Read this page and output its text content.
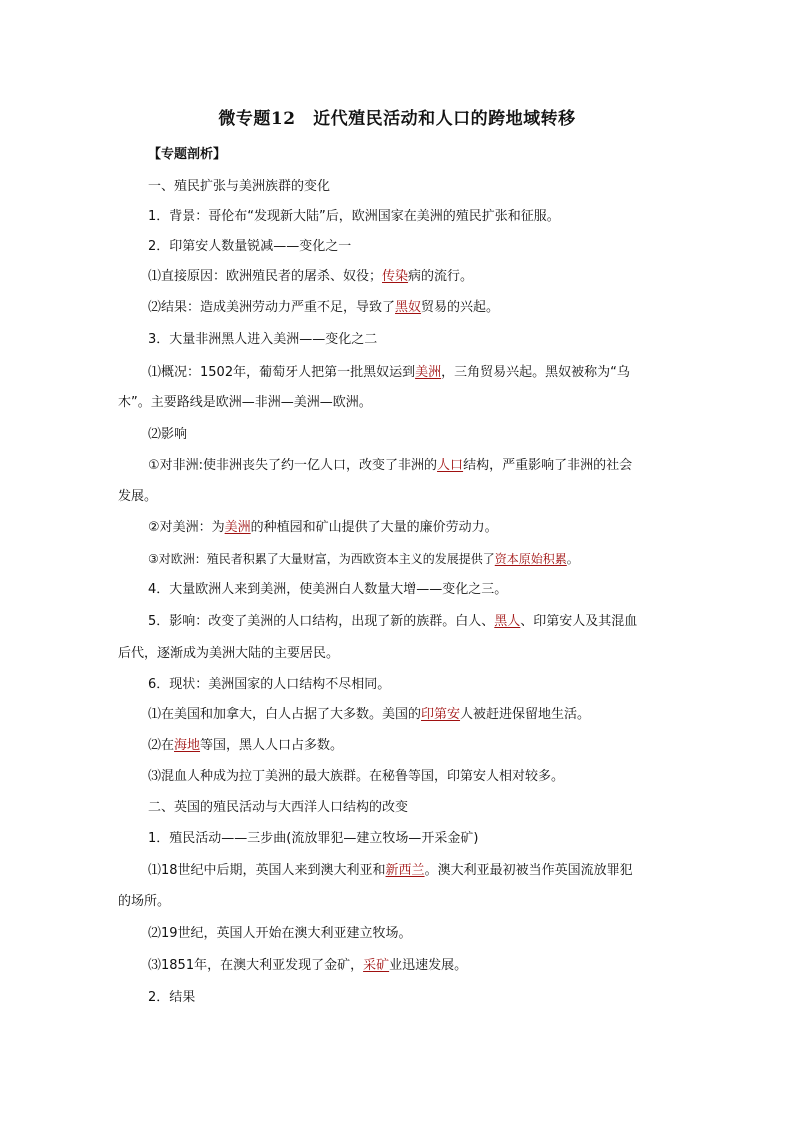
微专题12　近代殖民活动和人口的跨地域转移
【专题剖析】
一、殖民扩张与美洲族群的变化
1．背景：哥伦布“发现新大陆”后，欧洲国家在美洲的殖民扩张和征服。
2．印第安人数量锐减——变化之一
⑴直接原因：欧洲殖民者的屠杀、奴役；传染病的流行。
⑵结果：造成美洲劳动力严重不足，导致了黑奴贸易的兴起。
3．大量非洲黑人进入美洲——变化之二
⑴概况：1502年，葡萄牙人把第一批黑奴运到美洲，三角贸易兴起。黑奴被称为“乌
木”。主要路线是欧洲—非洲—美洲—欧洲。
⑵影响
①对非洲:使非洲丧失了约一亿人口，改变了非洲的人口结构，严重影响了非洲的社会
发展。
②对美洲：为美洲的种植园和矿山提供了大量的廉价劳动力。
③对欧洲：殖民者积累了大量财富，为西欧资本主义的发展提供了资本原始积累。
4．大量欧洲人来到美洲，使美洲白人数量大增——变化之三。
5．影响：改变了美洲的人口结构，出现了新的族群。白人、黑人、印第安人及其混血
后代，逐渐成为美洲大陆的主要居民。
6．现状：美洲国家的人口结构不尽相同。
⑴在美国和加拿大，白人占据了大多数。美国的印第安人被赶进保留地生活。
⑵在海地等国，黑人人口占多数。
⑶混血人种成为拉丁美洲的最大族群。在秘鲁等国，印第安人相对较多。
二、英国的殖民活动与大西洋人口结构的改变
1．殖民活动——三步曲(流放罪犯—建立牧场—开采金矿)
⑴18世纪中后期，英国人来到澳大利亚和新西兰。澳大利亚最初被当作英国流放罪犯
的场所。
⑵19世纪，英国人开始在澳大利亚建立牧场。
⑶1851年，在澳大利亚发现了金矿，采矿业迅速发展。
2．结果
